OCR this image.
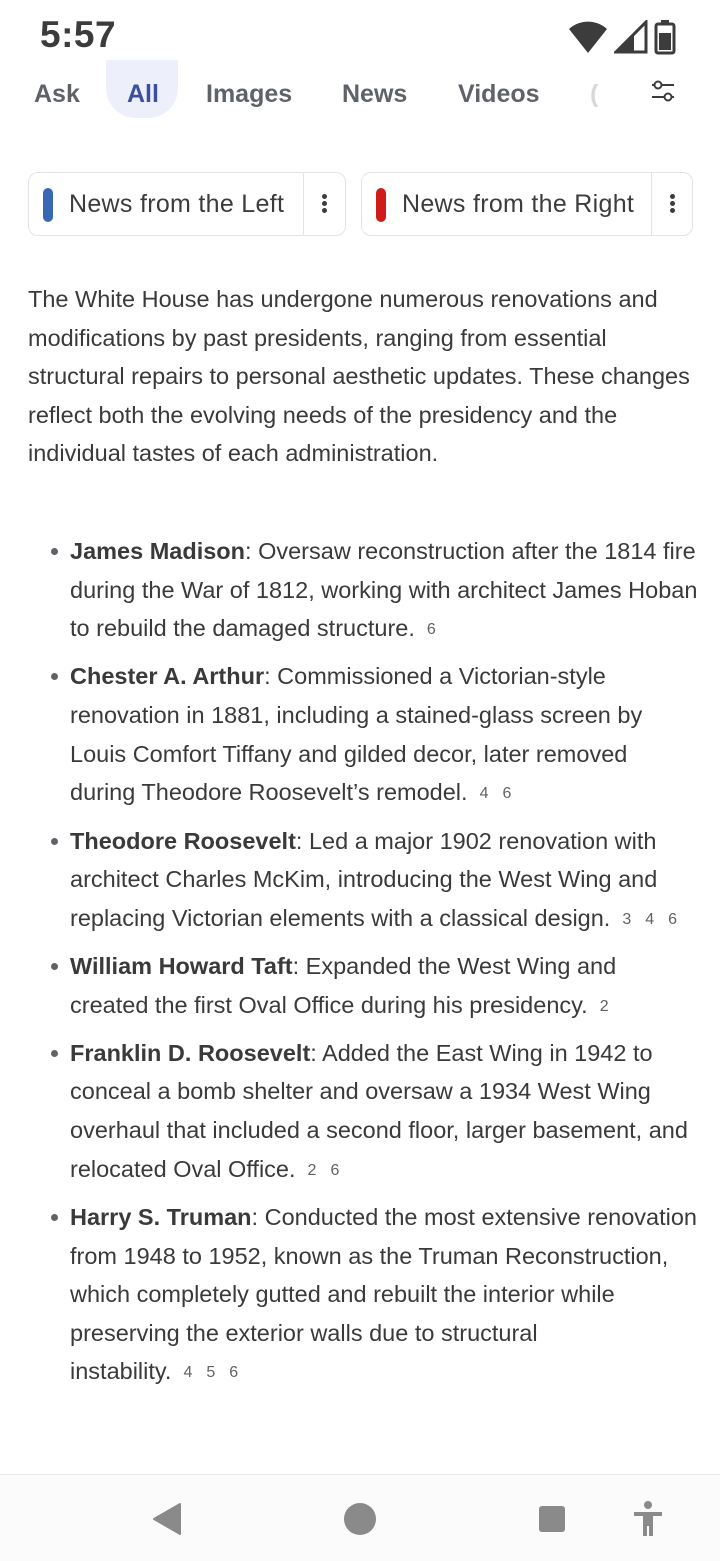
5:57
Ask All Images News Videos (
News from the Left	News from the Right

The White House has undergone numerous renovations and modifications by past presidents, ranging from essential structural repairs to personal aesthetic updates. These changes reflect both the evolving needs of the presidency and the individual tastes of each administration.

James Madison: Oversaw reconstruction after the 1814 fire during the War of 1812, working with architect James Hoban to rebuild the damaged structure. 6
Chester A. Arthur: Commissioned a Victorian-style renovation in 1881, including a stained-glass screen by Louis Comfort Tiffany and gilded decor, later removed during Theodore Roosevelt’s remodel. 4 6
Theodore Roosevelt: Led a major 1902 renovation with architect Charles McKim, introducing the West Wing and replacing Victorian elements with a classical design. 3 4 6
William Howard Taft: Expanded the West Wing and created the first Oval Office during his presidency. 2
Franklin D. Roosevelt: Added the East Wing in 1942 to conceal a bomb shelter and oversaw a 1934 West Wing overhaul that included a second floor, larger basement, and relocated Oval Office. 2 6
Harry S. Truman: Conducted the most extensive renovation from 1948 to 1952, known as the Truman Reconstruction, which completely gutted and rebuilt the interior while preserving the exterior walls due to structural instability. 4 5 6
